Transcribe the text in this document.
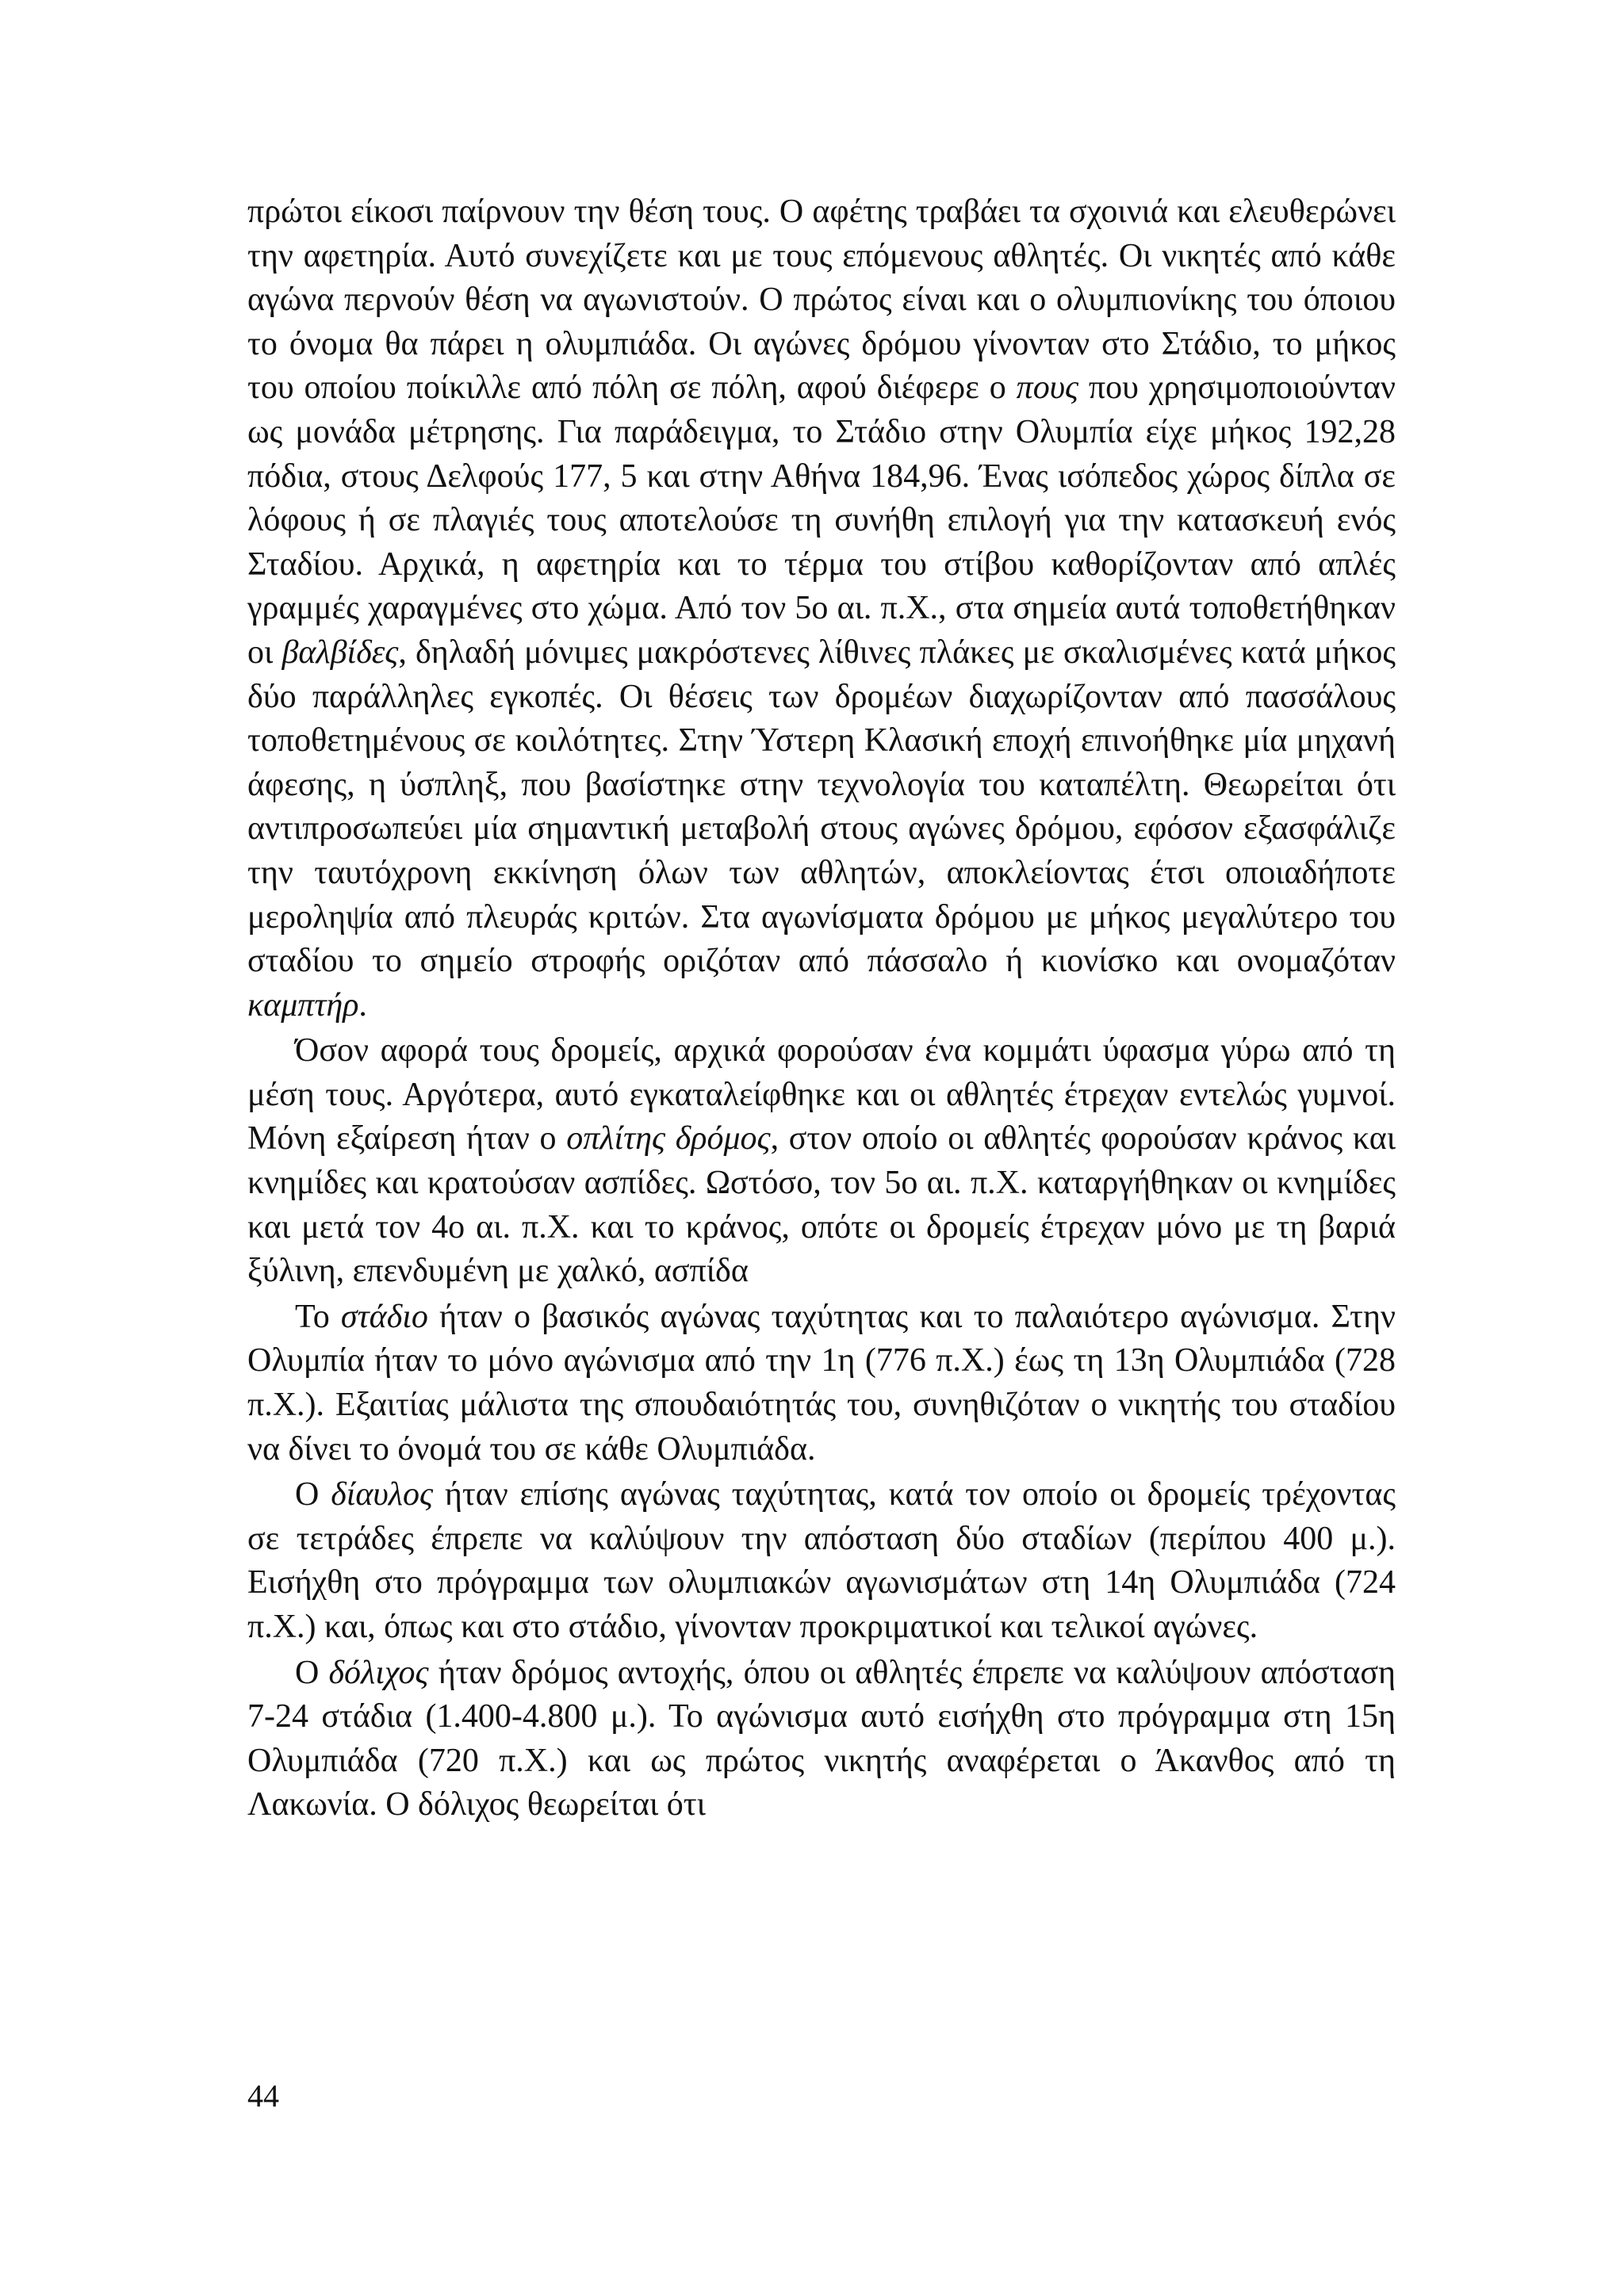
πρώτοι είκοσι παίρνουν την θέση τους. Ο αφέτης τραβάει τα σχοινιά και ελευθερώνει την αφετηρία. Αυτό συνεχίζετε και με τους επόμενους αθλητές. Οι νικητές από κάθε αγώνα περνούν θέση να αγωνιστούν. Ο πρώτος είναι και ο ολυμπιονίκης του όποιου το όνομα θα πάρει η ολυμπιάδα. Οι αγώνες δρόμου γίνονταν στο Στάδιο, το μήκος του οποίου ποίκιλλε από πόλη σε πόλη, αφού διέφερε ο πους που χρησιμοποιούνταν ως μονάδα μέτρησης. Για παράδειγμα, το Στάδιο στην Ολυμπία είχε μήκος 192,28 πόδια, στους Δελφούς 177, 5 και στην Αθήνα 184,96. Ένας ισόπεδος χώρος δίπλα σε λόφους ή σε πλαγιές τους αποτελούσε τη συνήθη επιλογή για την κατασκευή ενός Σταδίου. Αρχικά, η αφετηρία και το τέρμα του στίβου καθορίζονταν από απλές γραμμές χαραγμένες στο χώμα. Από τον 5ο αι. π.Χ., στα σημεία αυτά τοποθετήθηκαν οι βαλβίδες, δηλαδή μόνιμες μακρόστενες λίθινες πλάκες με σκαλισμένες κατά μήκος δύο παράλληλες εγκοπές. Οι θέσεις των δρομέων διαχωρίζονταν από πασσάλους τοποθετημένους σε κοιλότητες. Στην Ύστερη Κλασική εποχή επινοήθηκε μία μηχανή άφεσης, η ύσπληξ, που βασίστηκε στην τεχνολογία του καταπέλτη. Θεωρείται ότι αντιπροσωπεύει μία σημαντική μεταβολή στους αγώνες δρόμου, εφόσον εξασφάλιζε την ταυτόχρονη εκκίνηση όλων των αθλητών, αποκλείοντας έτσι οποιαδήποτε μεροληψία από πλευράς κριτών. Στα αγωνίσματα δρόμου με μήκος μεγαλύτερο του σταδίου το σημείο στροφής οριζόταν από πάσσαλο ή κιονίσκο και ονομαζόταν καμπτήρ.

Όσον αφορά τους δρομείς, αρχικά φορούσαν ένα κομμάτι ύφασμα γύρω από τη μέση τους. Αργότερα, αυτό εγκαταλείφθηκε και οι αθλητές έτρεχαν εντελώς γυμνοί. Μόνη εξαίρεση ήταν ο οπλίτης δρόμος, στον οποίο οι αθλητές φορούσαν κράνος και κνημίδες και κρατούσαν ασπίδες. Ωστόσο, τον 5ο αι. π.Χ. καταργήθηκαν οι κνημίδες και μετά τον 4ο αι. π.Χ. και το κράνος, οπότε οι δρομείς έτρεχαν μόνο με τη βαριά ξύλινη, επενδυμένη με χαλκό, ασπίδα

Το στάδιο ήταν ο βασικός αγώνας ταχύτητας και το παλαιότερο αγώνισμα. Στην Ολυμπία ήταν το μόνο αγώνισμα από την 1η (776 π.Χ.) έως τη 13η Ολυμπιάδα (728 π.Χ.). Εξαιτίας μάλιστα της σπουδαιότητάς του, συνηθιζόταν ο νικητής του σταδίου να δίνει το όνομά του σε κάθε Ολυμπιάδα.

Ο δίαυλος ήταν επίσης αγώνας ταχύτητας, κατά τον οποίο οι δρομείς τρέχοντας σε τετράδες έπρεπε να καλύψουν την απόσταση δύο σταδίων (περίπου 400 μ.). Εισήχθη στο πρόγραμμα των ολυμπιακών αγωνισμάτων στη 14η Ολυμπιάδα (724 π.Χ.) και, όπως και στο στάδιο, γίνονταν προκριματικοί και τελικοί αγώνες.

Ο δόλιχος ήταν δρόμος αντοχής, όπου οι αθλητές έπρεπε να καλύψουν απόσταση 7-24 στάδια (1.400-4.800 μ.). Το αγώνισμα αυτό εισήχθη στο πρόγραμμα στη 15η Ολυμπιάδα (720 π.Χ.) και ως πρώτος νικητής αναφέρεται ο Άκανθος από τη Λακωνία. Ο δόλιχος θεωρείται ότι

44
